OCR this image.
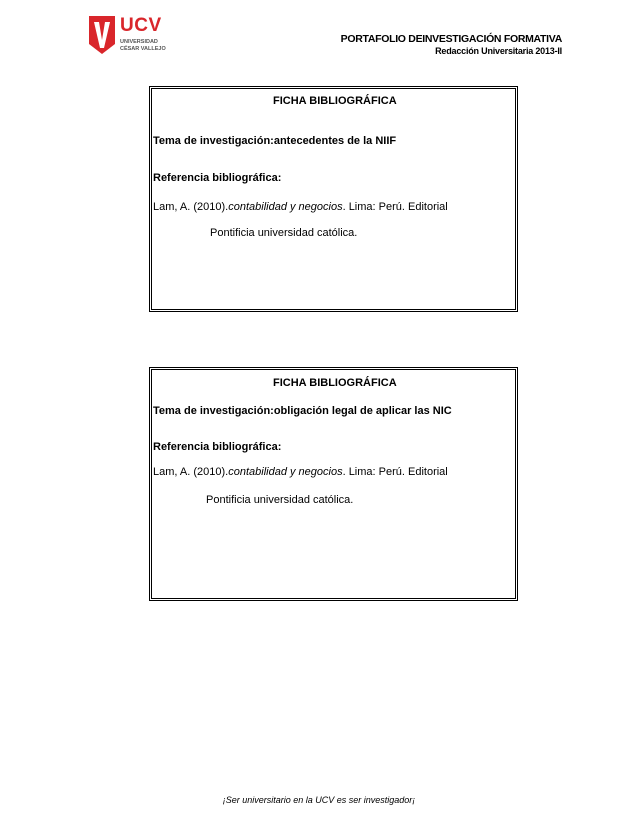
UCV
UNIVERSIDAD
CÉSAR VALLEJO
PORTAFOLIO DEINVESTIGACIÓN FORMATIVA
Redacción Universitaria 2013-II
FICHA BIBLIOGRÁFICA
Tema de investigación:antecedentes de la NIIF
Referencia bibliográfica:
Lam, A. (2010).contabilidad y negocios. Lima: Perú. Editorial
Pontificia universidad católica.
FICHA BIBLIOGRÁFICA
Tema de investigación:obligación legal de aplicar las NIC
Referencia bibliográfica:
Lam, A. (2010).contabilidad y negocios. Lima: Perú. Editorial
Pontificia universidad católica.
¡Ser universitario en la UCV es ser investigador¡
